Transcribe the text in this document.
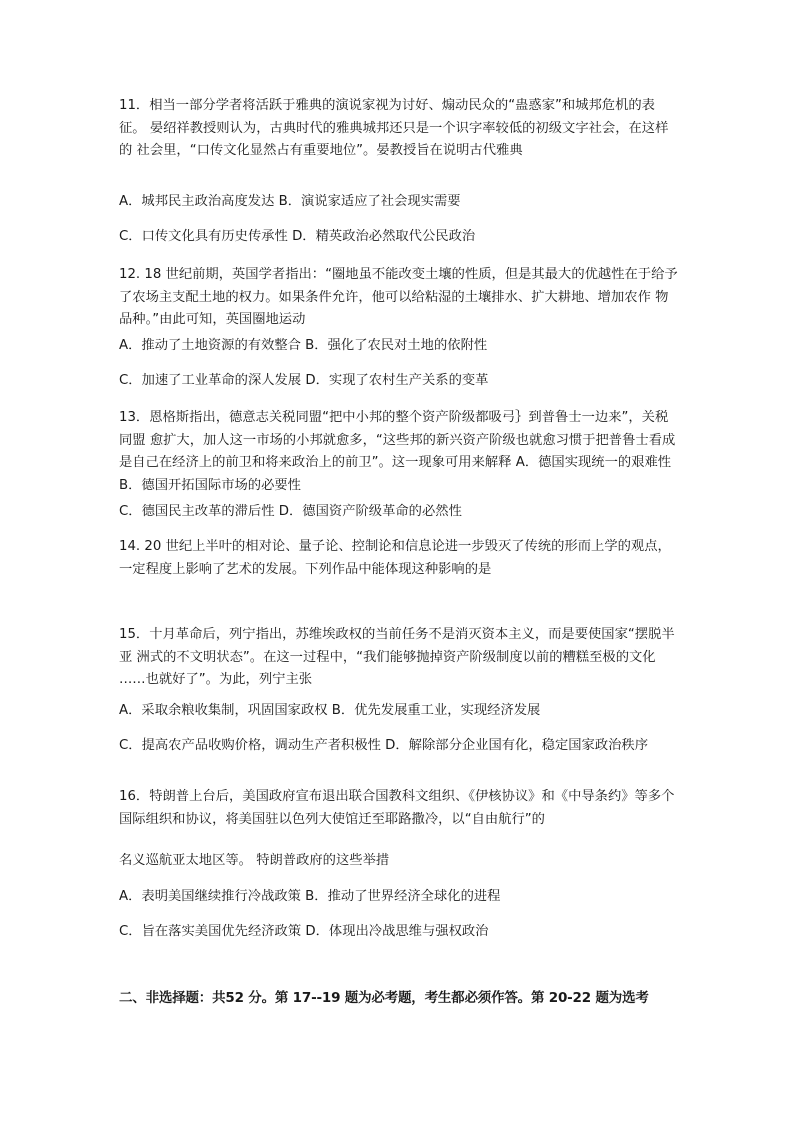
11．相当一部分学者将活跃于雅典的演说家视为讨好、煽动民众的“蛊惑家”和城邦危机的表征。 晏绍祥教授则认为，古典时代的雅典城邦还只是一个识字率较低的初级文字社会，在这样的 社会里，“口传文化显然占有重要地位”。晏教授旨在说明古代雅典

A．城邦民主政治高度发达 B．演说家适应了社会现实需要
C．口传文化具有历史传承性 D．精英政治必然取代公民政治

12. 18 世纪前期，英国学者指出：“圈地虽不能改变土壤的性质，但是其最大的优越性在于给予 了农场主支配土地的权力。如果条件允许，他可以给粘湿的土壤排水、扩大耕地、增加农作 物品种。”由此可知，英国圈地运动

A．推动了土地资源的有效整合 B．强化了农民对土地的依附性
C．加速了工业革命的深人发展 D．实现了农村生产关系的变革

13．恩格斯指出，德意志关税同盟“把中小邦的整个资产阶级都吸弓｝到普鲁士一边来”，关税同盟 愈扩大，加人这一市场的小邦就愈多，“这些邦的新兴资产阶级也就愈习惯于把普鲁士看成 是自己在经济上的前卫和将来政治上的前卫”。这一现象可用来解释 A．德国实现统一的艰难性 B．德国开拓国际市场的必要性

C．德国民主改革的滞后性 D．德国资产阶级革命的必然性

14. 20 世纪上半叶的相对论、量子论、控制论和信息论进一步毁灭了传统的形而上学的观点，一定程度上影响了艺术的发展。下列作品中能体现这种影响的是

15．十月革命后，列宁指出，苏维埃政权的当前任务不是消灭资本主义，而是要使国家“摆脱半亚 洲式的不文明状态”。在这一过程中，“我们能够抛掉资产阶级制度以前的糟糕至极的文化 ……也就好了”。为此，列宁主张

A．采取余粮收集制，巩固国家政权 B．优先发展重工业，实现经济发展

C．提高农产品收购价格，调动生产者积极性 D．解除部分企业国有化，稳定国家政治秩序

16．特朗普上台后，美国政府宣布退出联合国教科文组织、《伊核协议》和《中导条约》等多个国际组织和协议，将美国驻以色列大使馆迁至耶路撒冷，以“自由航行”的

名义巡航亚太地区等。 特朗普政府的这些举措
A．表明美国继续推行冷战政策 B．推动了世界经济全球化的进程
C．旨在落实美国优先经济政策 D．体现出冷战思维与强权政治
二、非选择题：共52 分。第 17--19 题为必考题，考生都必须作答。第 20-22 题为选考
